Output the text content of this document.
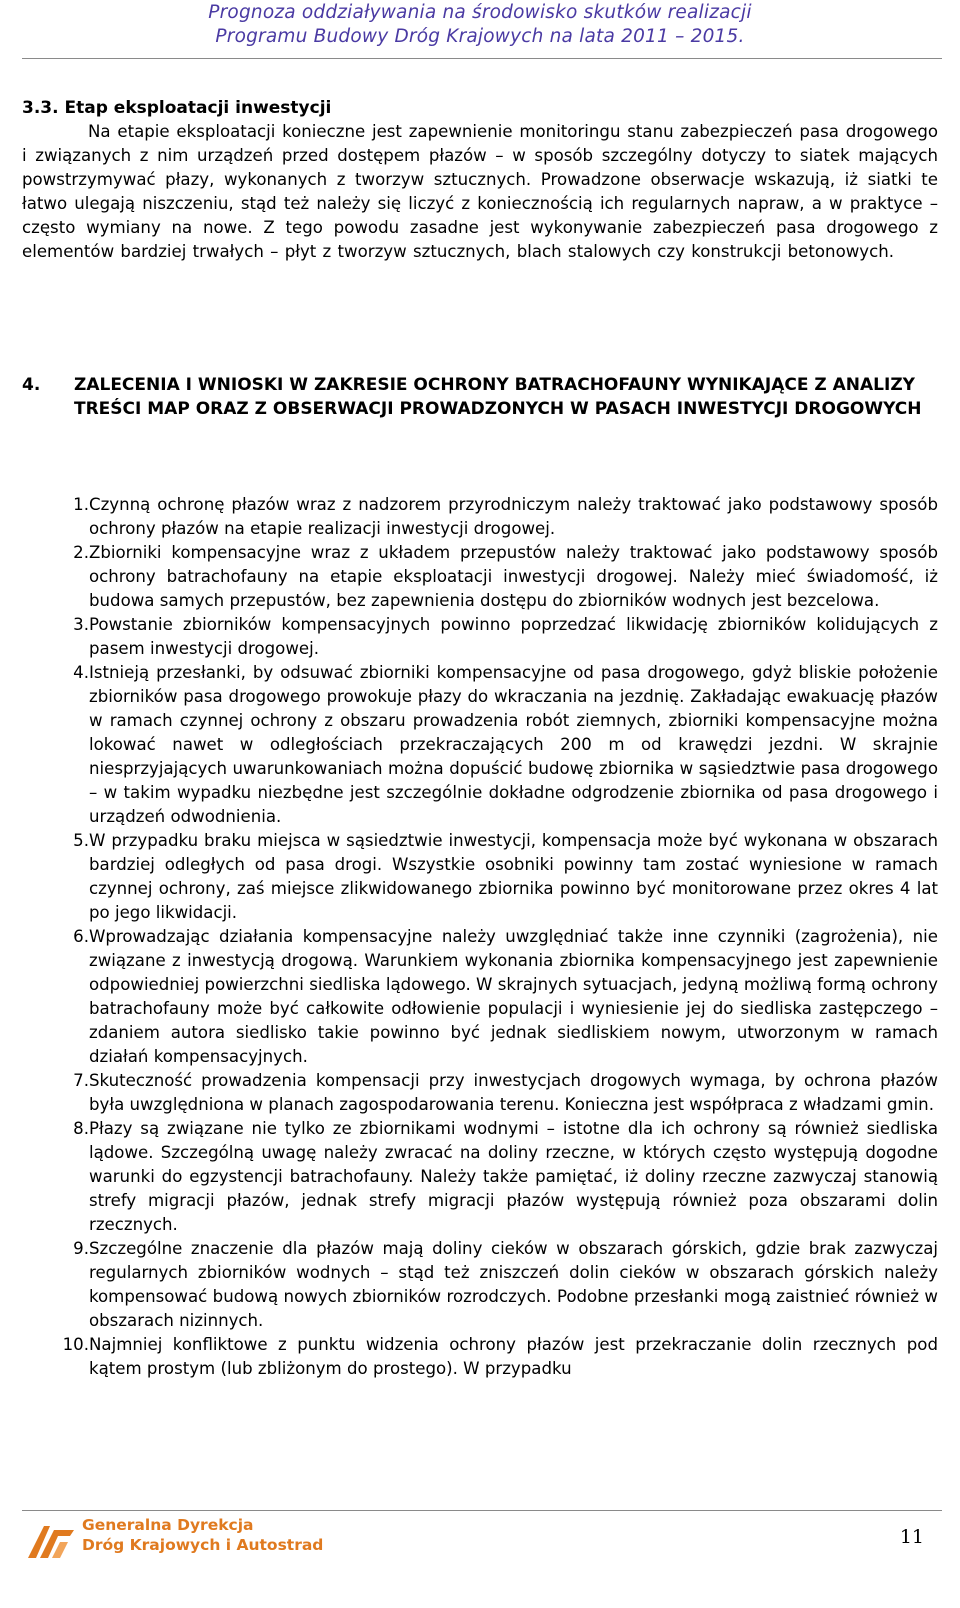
Prognoza oddziaływania na środowisko skutków realizacji
Programu Budowy Dróg Krajowych na lata 2011 – 2015.

3.3. Etap eksploatacji inwestycji

Na etapie eksploatacji konieczne jest zapewnienie monitoringu stanu zabezpieczeń pasa drogowego i związanych z nim urządzeń przed dostępem płazów – w sposób szczególny dotyczy to siatek mających powstrzymywać płazy, wykonanych z tworzyw sztucznych. Prowadzone obserwacje wskazują, iż siatki te łatwo ulegają niszczeniu, stąd też należy się liczyć z koniecznością ich regularnych napraw, a w praktyce – często wymiany na nowe. Z tego powodu zasadne jest wykonywanie zabezpieczeń pasa drogowego z elementów bardziej trwałych – płyt z tworzyw sztucznych, blach stalowych czy konstrukcji betonowych.

4.	ZALECENIA I WNIOSKI W ZAKRESIE OCHRONY BATRACHOFAUNY WYNIKAJĄCE Z ANALIZY TREŚCI MAP ORAZ Z OBSERWACJI PROWADZONYCH W PASACH INWESTYCJI DROGOWYCH
1. Czynną ochronę płazów wraz z nadzorem przyrodniczym należy traktować jako podstawowy sposób ochrony płazów na etapie realizacji inwestycji drogowej.
2. Zbiorniki kompensacyjne wraz z układem przepustów należy traktować jako podstawowy sposób ochrony batrachofauny na etapie eksploatacji inwestycji drogowej. Należy mieć świadomość, iż budowa samych przepustów, bez zapewnienia dostępu do zbiorników wodnych jest bezcelowa.
3. Powstanie zbiorników kompensacyjnych powinno poprzedzać likwidację zbiorników kolidujących z pasem inwestycji drogowej.
4. Istnieją przesłanki, by odsuwać zbiorniki kompensacyjne od pasa drogowego, gdyż bliskie położenie zbiorników pasa drogowego prowokuje płazy do wkraczania na jezdnię. Zakładając ewakuację płazów w ramach czynnej ochrony z obszaru prowadzenia robót ziemnych, zbiorniki kompensacyjne można lokować nawet w odległościach przekraczających 200 m od krawędzi jezdni. W skrajnie niesprzyjających uwarunkowaniach można dopuścić budowę zbiornika w sąsiedztwie pasa drogowego – w takim wypadku niezbędne jest szczególnie dokładne odgrodzenie zbiornika od pasa drogowego i urządzeń odwodnienia.
5. W przypadku braku miejsca w sąsiedztwie inwestycji, kompensacja może być wykonana w obszarach bardziej odległych od pasa drogi. Wszystkie osobniki powinny tam zostać wyniesione w ramach czynnej ochrony, zaś miejsce zlikwidowanego zbiornika powinno być monitorowane przez okres 4 lat po jego likwidacji.
6. Wprowadzając działania kompensacyjne należy uwzględniać także inne czynniki (zagrożenia), nie związane z inwestycją drogową. Warunkiem wykonania zbiornika kompensacyjnego jest zapewnienie odpowiedniej powierzchni siedliska lądowego. W skrajnych sytuacjach, jedyną możliwą formą ochrony batrachofauny może być całkowite odłowienie populacji i wyniesienie jej do siedliska zastępczego – zdaniem autora siedlisko takie powinno być jednak siedliskiem nowym, utworzonym w ramach działań kompensacyjnych.
7. Skuteczność prowadzenia kompensacji przy inwestycjach drogowych wymaga, by ochrona płazów była uwzględniona w planach zagospodarowania terenu. Konieczna jest współpraca z władzami gmin.
8. Płazy są związane nie tylko ze zbiornikami wodnymi – istotne dla ich ochrony są również siedliska lądowe. Szczególną uwagę należy zwracać na doliny rzeczne, w których często występują dogodne warunki do egzystencji batrachofauny. Należy także pamiętać, iż doliny rzeczne zazwyczaj stanowią strefy migracji płazów, jednak strefy migracji płazów występują również poza obszarami dolin rzecznych.
9. Szczególne znaczenie dla płazów mają doliny cieków w obszarach górskich, gdzie brak zazwyczaj regularnych zbiorników wodnych – stąd też zniszczeń dolin cieków w obszarach górskich należy kompensować budową nowych zbiorników rozrodczych. Podobne przesłanki mogą zaistnieć również w obszarach nizinnych.
10. Najmniej konfliktowe z punktu widzenia ochrony płazów jest przekraczanie dolin rzecznych pod kątem prostym (lub zbliżonym do prostego). W przypadku
Generalna Dyrekcja
Dróg Krajowych i Autostrad	11
